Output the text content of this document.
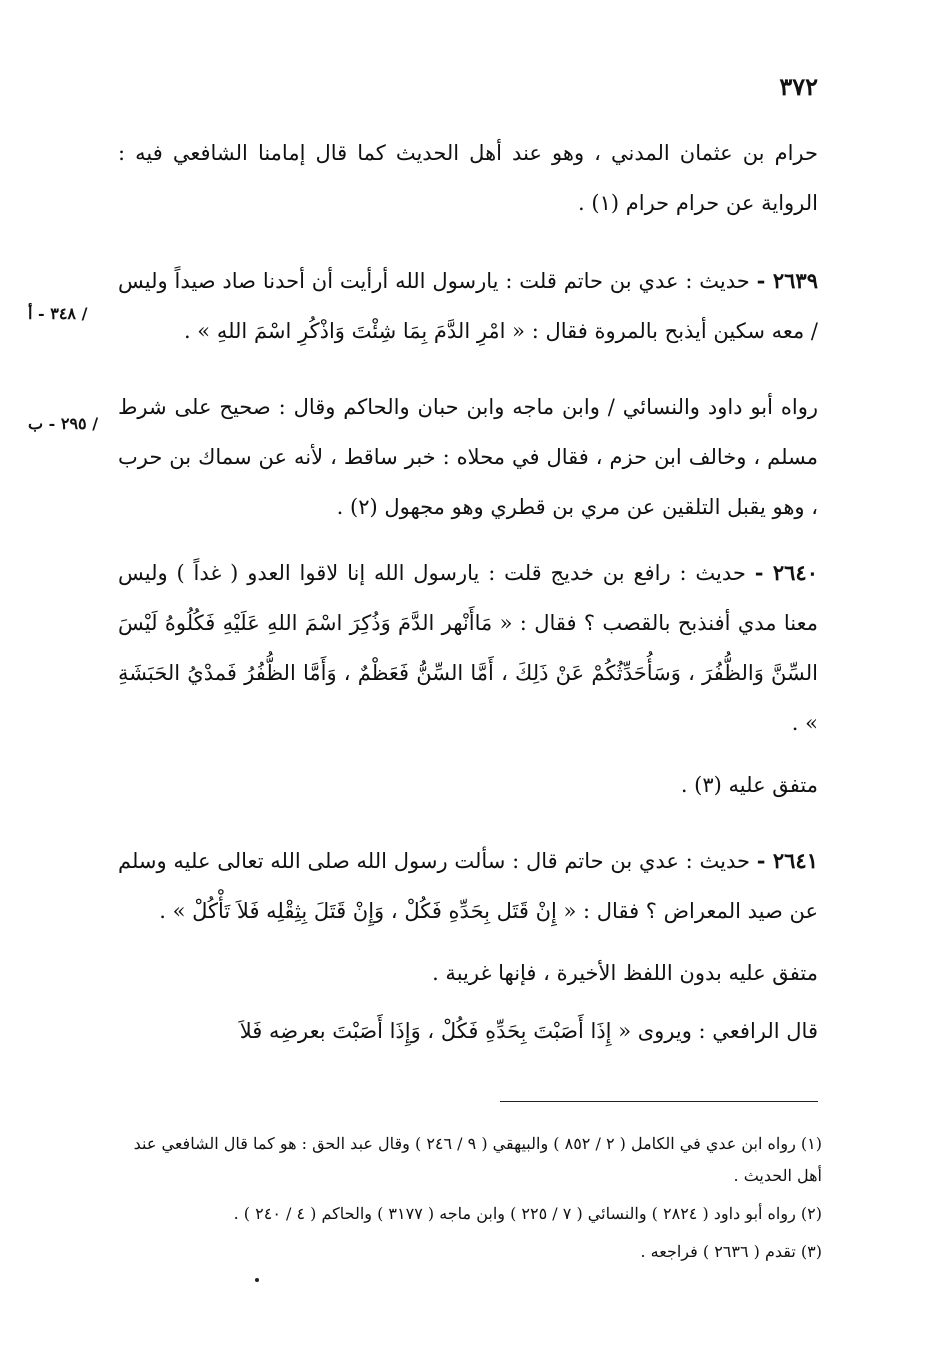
٣٧٢
/ ٣٤٨ - أ
/ ٢٩٥ - ب

حرام بن عثمان المدني ، وهو عند أهل الحديث كما قال إمامنا الشافعي فيه : الرواية عن حرام حرام (١) .

٢٦٣٩ - حديث : عدي بن حاتم قلت : يارسول الله أرأيت أن أحدنا صاد صيداً وليس / معه سكين أيذبح بالمروة فقال : « امْرِ الدَّمَ بِمَا شِئْتَ وَاذْكُرِ اسْمَ اللهِ » .

رواه أبو داود والنسائي / وابن ماجه وابن حبان والحاكم وقال : صحيح على شرط مسلم ، وخالف ابن حزم ، فقال في محلاه : خبر ساقط ، لأنه عن سماك بن حرب ، وهو يقبل التلقين عن مري بن قطري وهو مجهول (٢) .

٢٦٤٠ - حديث : رافع بن خديج قلت : يارسول الله إنا لاقوا العدو ( غداً ) وليس معنا مدي أفنذبح بالقصب ؟ فقال : « مَاأَنْهر الدَّمَ وَذُكِرَ اسْمَ اللهِ عَلَيْهِ فَكُلُوهُ لَيْسَ السِّنَّ وَالظُّفُرَ ، وَسَأُحَدِّثُكُمْ عَنْ ذَلِكَ ، أَمَّا السِّنُّ فَعَظْمٌ ، وَأَمَّا الظُّفُرُ فَمدْيُ الحَبَشَةِ » .

متفق عليه (٣) .

٢٦٤١ - حديث : عدي بن حاتم قال : سألت رسول الله صلى الله تعالى عليه وسلم عن صيد المعراض ؟ فقال : « إِنْ قَتَل بِحَدِّهِ فَكُلْ ، وَإِنْ قَتَلَ بِثِقْلِه فَلاَ تَأْكُلْ » .

متفق عليه بدون اللفظ الأخيرة ، فإنها غريبة .

قال الرافعي : ويروى « إِذَا أَصَبْتَ بِحَدِّهِ فَكُلْ ، وَإِذَا أَصَبْتَ بعرضِه فَلاَ

(١) رواه ابن عدي في الكامل ( ٢ / ٨٥٢ ) والبيهقي ( ٩ / ٢٤٦ ) وقال عبد الحق : هو كما قال الشافعي عند أهل الحديث .

(٢) رواه أبو داود ( ٢٨٢٤ ) والنسائي ( ٧ / ٢٢٥ ) وابن ماجه ( ٣١٧٧ ) والحاكم ( ٤ / ٢٤٠ ) .

(٣) تقدم ( ٢٦٣٦ ) فراجعه .
